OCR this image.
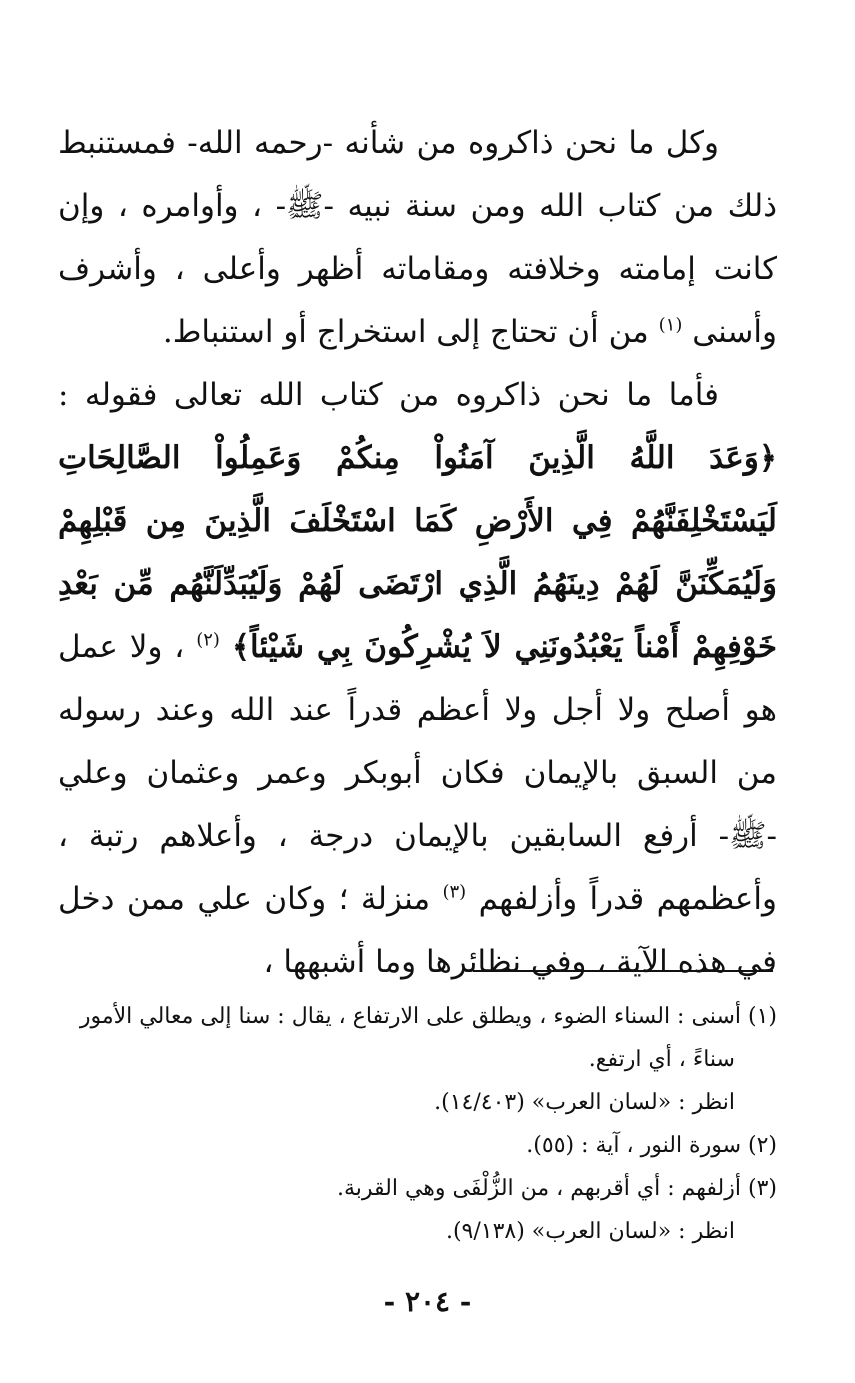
وكل ما نحن ذاكروه من شأنه -رحمه الله- فمستنبط ذلك من كتاب الله ومن سنة نبيه -ﷺ- ، وأوامره ، وإن كانت إمامته وخلافته ومقاماته أظهر وأعلى ، وأشرف وأسنى $^{(١)}$ من أن تحتاج إلى استخراج أو استنباط.

فأما ما نحن ذاكروه من كتاب الله تعالى فقوله : ﴿وَعَدَ اللَّهُ الَّذِينَ آمَنُواْ مِنكُمْ وَعَمِلُواْ الصَّالِحَاتِ لَيَسْتَخْلِفَنَّهُمْ فِي الأَرْضِ كَمَا اسْتَخْلَفَ الَّذِينَ مِن قَبْلِهِمْ وَلَيُمَكِّنَنَّ لَهُمْ دِينَهُمُ الَّذِي ارْتَضَى لَهُمْ وَلَيُبَدِّلَنَّهُم مِّن بَعْدِ خَوْفِهِمْ أَمْناً يَعْبُدُونَنِي لاَ يُشْرِكُونَ بِي شَيْئاً﴾ $^{(٢)}$ ، ولا عمل هو أصلح ولا أجل ولا أعظم قدراً عند الله وعند رسوله من السبق بالإيمان فكان أبوبكر وعمر وعثمان وعلي -ﷺ- أرفع السابقين بالإيمان درجة ، وأعلاهم رتبة ، وأعظمهم قدراً وأزلفهم $^{(٣)}$ منزلة ؛ وكان علي ممن دخل في هذه الآية ، وفي نظائرها وما أشبهها ،

(١) أسنى : السناء الضوء ، ويطلق على الارتفاع ، يقال : سنا إلى معالي الأمور

سناءً ، أي ارتفع.

انظر : «لسان العرب» (١٤/٤٠٣).

(٢) سورة النور ، آية : (٥٥).

(٣) أزلفهم : أي أقربهم ، من الزُّلْفَى وهي القربة.

انظر : «لسان العرب» (٩/١٣٨).

- ٢٠٤ -
